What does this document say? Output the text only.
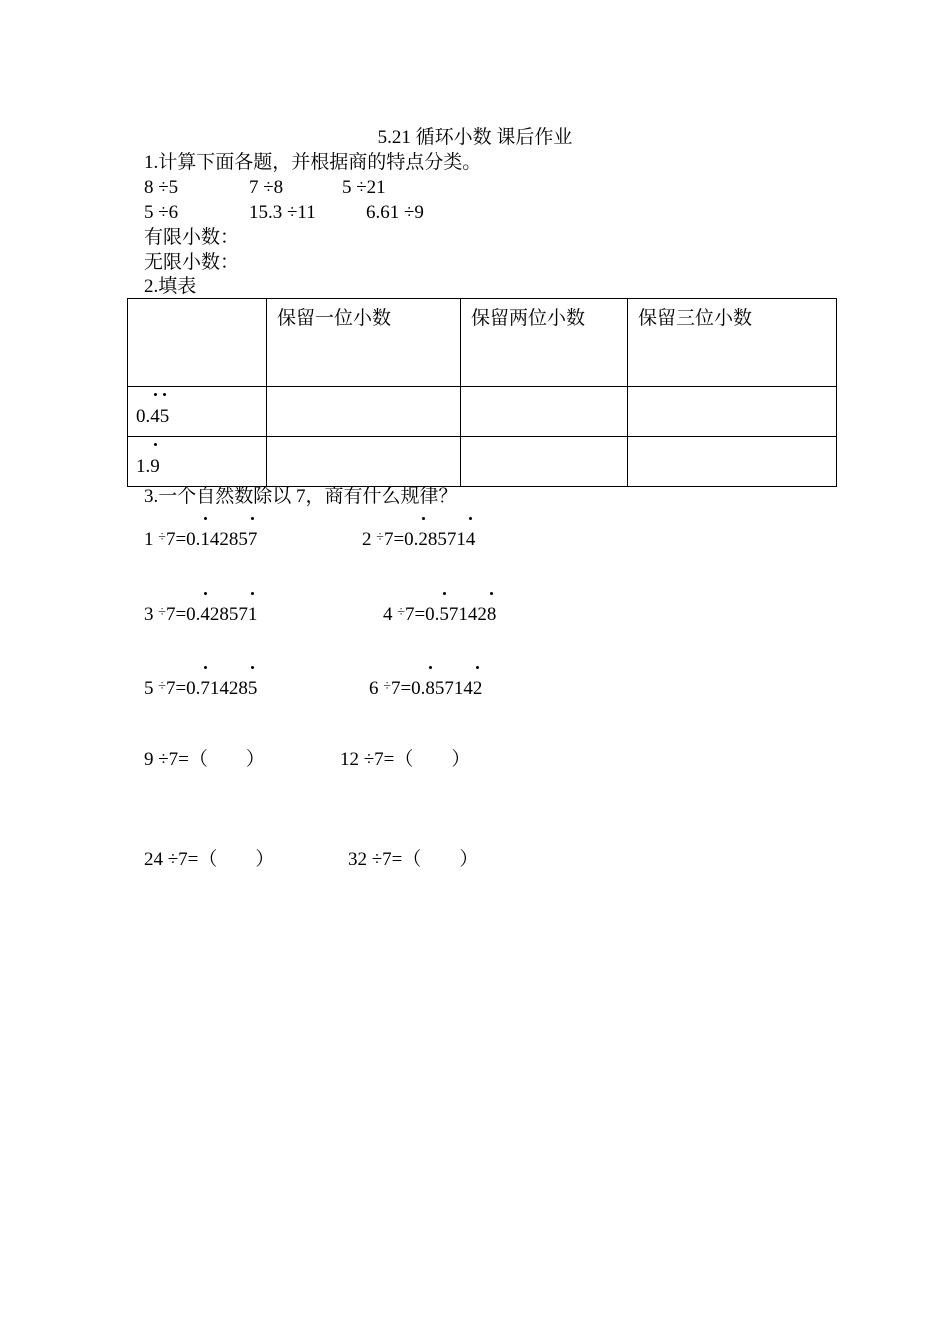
5.21 循环小数 课后作业
1.计算下面各题，并根据商的特点分类。
8 ÷5	7 ÷8	5 ÷21
5 ÷6	15.3 ÷11	6.61 ÷9
有限小数：
无限小数：
2.填表
	保留一位小数	保留两位小数	保留三位小数

0.45			

1.9			

3.一个自然数除以 7，商有什么规律？
1 ÷7=0.142857	2 ÷7=0.285714
3 ÷7=0.428571	4 ÷7=0.571428
5 ÷7=0.714285	6 ÷7=0.857142
9 ÷7=（　　）	12 ÷7=（　　）
24 ÷7=（　　）	32 ÷7=（　　）
